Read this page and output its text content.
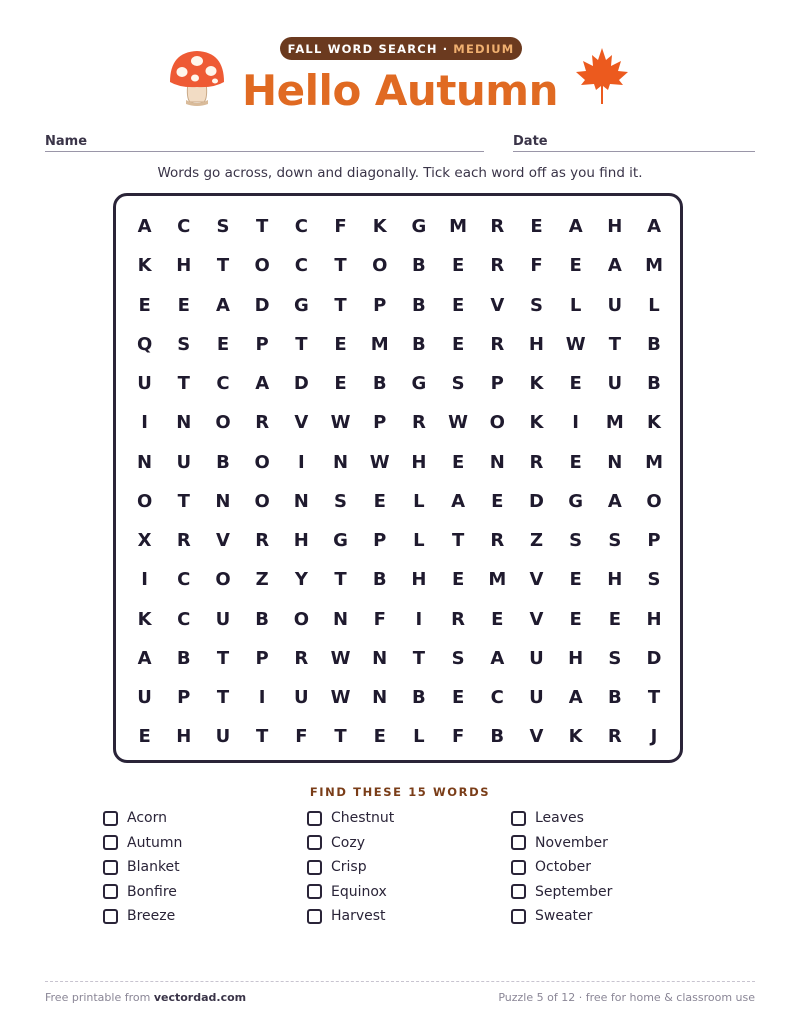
FALL WORD SEARCH · MEDIUM
Hello Autumn
Name	Date
Words go across, down and diagonally. Tick each word off as you find it.
A	C	S	T	C	F	K	G	M	R	E	A	H	A
K	H	T	O	C	T	O	B	E	R	F	E	A	M
E	E	A	D	G	T	P	B	E	V	S	L	U	L
Q	S	E	P	T	E	M	B	E	R	H	W	T	B
U	T	C	A	D	E	B	G	S	P	K	E	U	B
I	N	O	R	V	W	P	R	W	O	K	I	M	K
N	U	B	O	I	N	W	H	E	N	R	E	N	M
O	T	N	O	N	S	E	L	A	E	D	G	A	O
X	R	V	R	H	G	P	L	T	R	Z	S	S	P
I	C	O	Z	Y	T	B	H	E	M	V	E	H	S
K	C	U	B	O	N	F	I	R	E	V	E	E	H
A	B	T	P	R	W	N	T	S	A	U	H	S	D
U	P	T	I	U	W	N	B	E	C	U	A	B	T
E	H	U	T	F	T	E	L	F	B	V	K	R	J
FIND THESE 15 WORDS
Acorn
Autumn
Blanket
Bonfire
Breeze
Chestnut
Cozy
Crisp
Equinox
Harvest
Leaves
November
October
September
Sweater
Free printable from vectordad.com	Puzzle 5 of 12 · free for home & classroom use
